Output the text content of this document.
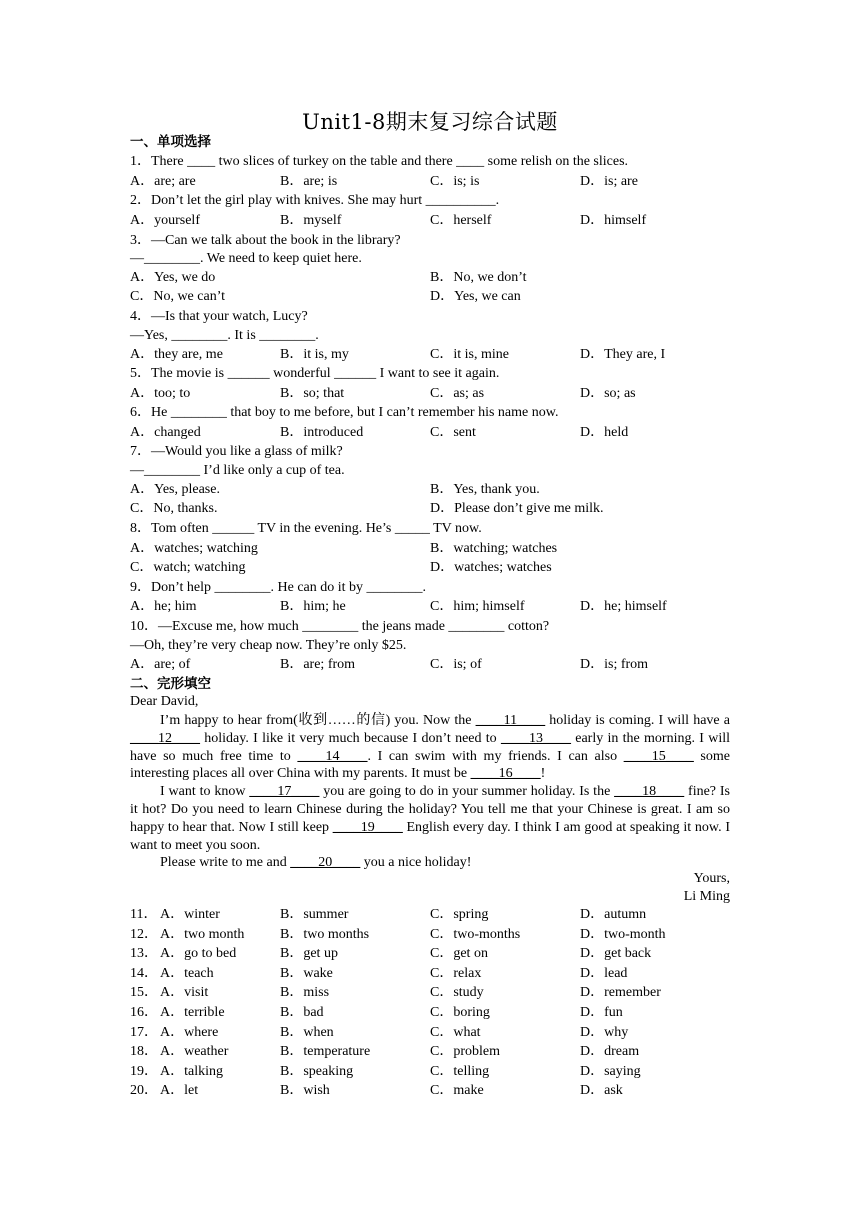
Unit1-8期末复习综合试题
一、单项选择
1．There ____ two slices of turkey on the table and there ____ some relish on the slices.
A．are; are	B．are; is	C．is; is	D．is; are
2．Don’t let the girl play with knives. She may hurt __________.
A．yourself	B．myself	C．herself	D．himself
3．—Can we talk about the book in the library?
—________. We need to keep quiet here.
A．Yes, we do	B．No, we don’t
C．No, we can’t	D．Yes, we can
4．—Is that your watch, Lucy?
—Yes, ________. It is ________.
A．they are, me	B．it is, my	C．it is, mine	D．They are, I
5．The movie is ______ wonderful ______ I want to see it again.
A．too; to	B．so; that	C．as; as	D．so; as
6．He ________ that boy to me before, but I can’t remember his name now.
A．changed	B．introduced	C．sent	D．held
7．—Would you like a glass of milk?
—________ I’d like only a cup of tea.
A．Yes, please.	B．Yes, thank you.
C．No, thanks.	D．Please don’t give me milk.
8．Tom often ______ TV in the evening. He’s _____ TV now.
A．watches; watching	B．watching; watches
C．watch; watching	D．watches; watches
9．Don’t help ________. He can do it by ________.
A．he; him	B．him; he	C．him; himself	D．he; himself
10．—Excuse me, how much ________ the jeans made ________ cotton?
—Oh, they’re very cheap now. They’re only $25.
A．are; of	B．are; from	C．is; of	D．is; from
二、完形填空
Dear David,

I’m happy to hear from(收到……的信) you. Now the ____11____ holiday is coming. I will have a ____12____ holiday. I like it very much because I don’t need to ____13____ early in the morning. I will have so much free time to ____14____. I can swim with my friends. I can also ____15____ some interesting places all over China with my parents. It must be ____16____!

I want to know ____17____ you are going to do in your summer holiday. Is the ____18____ fine? Is it hot? Do you need to learn Chinese during the holiday? You tell me that your Chinese is great. I am so happy to hear that. Now I still keep ____19____ English every day. I think I am good at speaking it now. I want to meet you soon.

Please write to me and ____20____ you a nice holiday!

Yours,
Li Ming
11． A．winter	B．summer	C．spring	D．autumn
12． A．two month	B．two months	C．two-months	D．two-month
13． A．go to bed	B．get up	C．get on	D．get back
14． A．teach	B．wake	C．relax	D．lead
15． A．visit	B．miss	C．study	D．remember
16． A．terrible	B．bad	C．boring	D．fun
17． A．where	B．when	C．what	D．why
18． A．weather	B．temperature	C．problem	D．dream
19． A．talking	B．speaking	C．telling	D．saying
20． A．let	B．wish	C．make	D．ask
